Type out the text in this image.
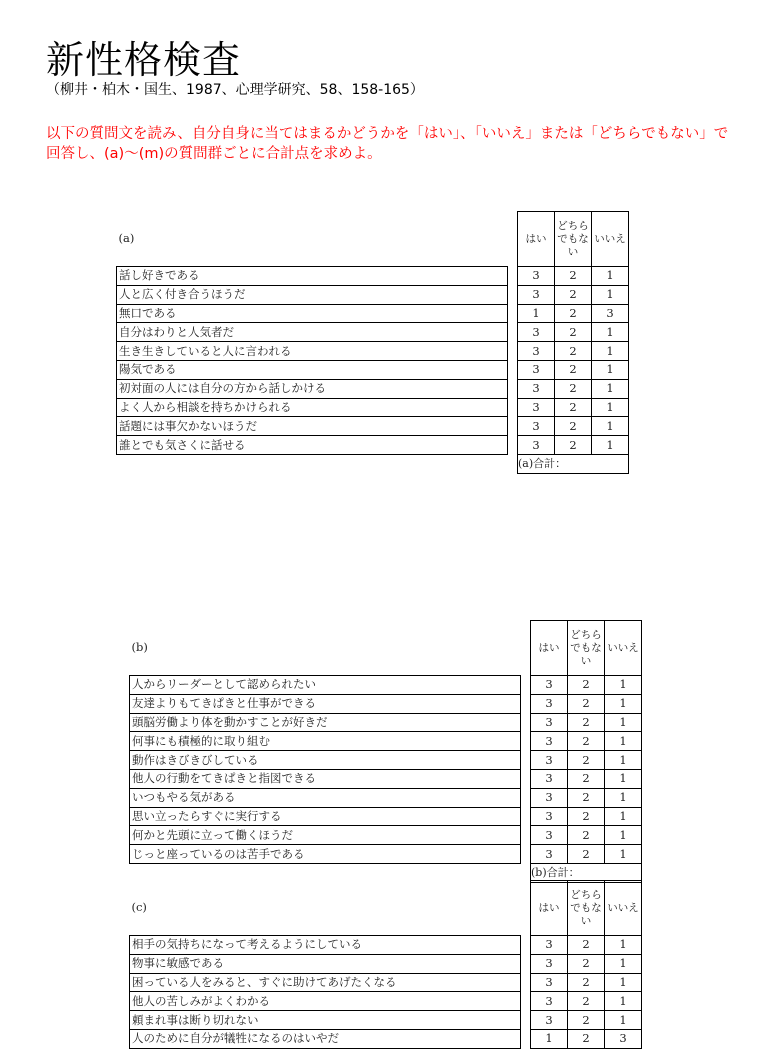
新性格検査
（柳井・柏木・国生、1987、心理学研究、58、158-165）
以下の質問文を読み、自分自身に当てはまるかどうかを「はい」、「いいえ」または「どちらでもない」で回答し、(a)〜(m)の質問群ごとに合計点を求めよ。
(a)		はい	どちらでもない	いいえ
話し好きである		3	2	1
人と広く付き合うほうだ		3	2	1
無口である		1	2	3
自分はわりと人気者だ		3	2	1
生き生きしていると人に言われる		3	2	1
陽気である		3	2	1
初対面の人には自分の方から話しかける		3	2	1
よく人から相談を持ちかけられる		3	2	1
話題には事欠かないほうだ		3	2	1
誰とでも気さくに話せる		3	2	1
		(a)合計：		
(b)		はい	どちらでもない	いいえ
人からリーダーとして認められたい		3	2	1
友達よりもてきぱきと仕事ができる		3	2	1
頭脳労働より体を動かすことが好きだ		3	2	1
何事にも積極的に取り組む		3	2	1
動作はきびきびしている		3	2	1
他人の行動をてきぱきと指図できる		3	2	1
いつもやる気がある		3	2	1
思い立ったらすぐに実行する		3	2	1
何かと先頭に立って働くほうだ		3	2	1
じっと座っているのは苦手である		3	2	1
		(b)合計：		
(c)		はい	どちらでもない	いいえ
相手の気持ちになって考えるようにしている		3	2	1
物事に敏感である		3	2	1
困っている人をみると、すぐに助けてあげたくなる		3	2	1
他人の苦しみがよくわかる		3	2	1
頼まれ事は断り切れない		3	2	1
人のために自分が犠牲になるのはいやだ		1	2	3
